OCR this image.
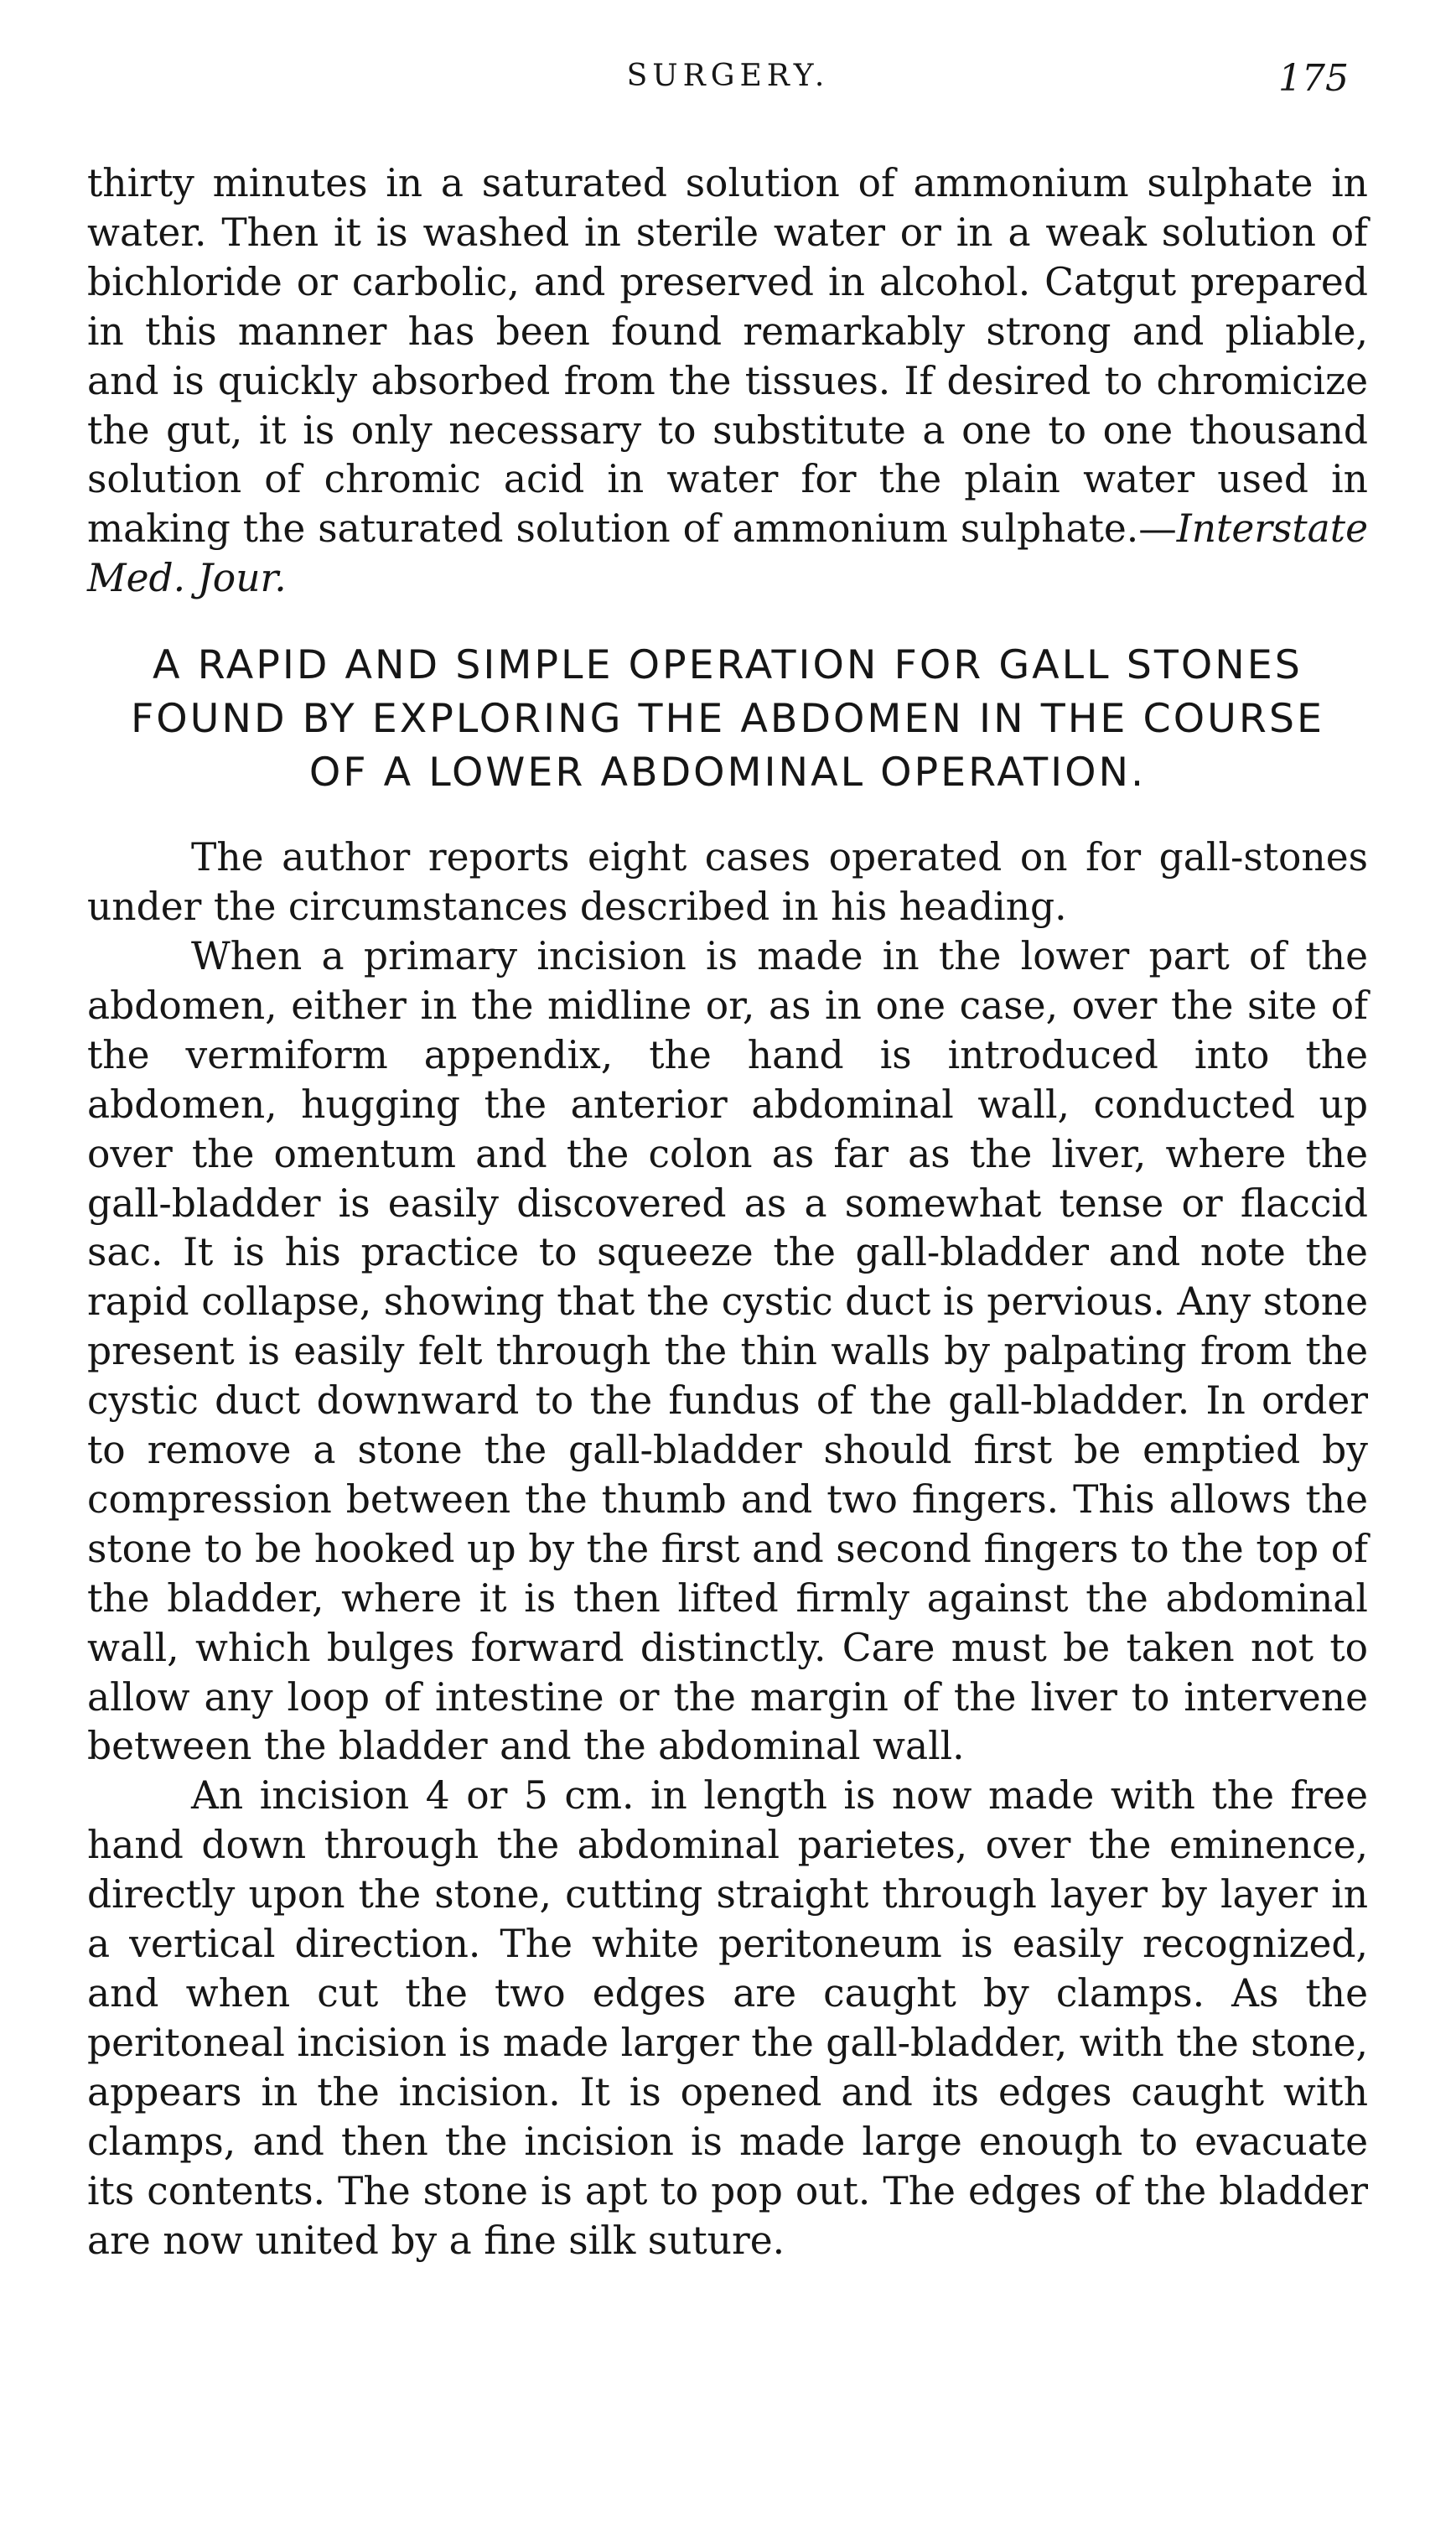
SURGERY.	175

thirty minutes in a saturated solution of ammonium sulphate in water. Then it is washed in sterile water or in a weak solution of bichloride or carbolic, and preserved in alcohol. Catgut prepared in this manner has been found remarkably strong and pliable, and is quickly absorbed from the tissues. If desired to chromicize the gut, it is only necessary to substitute a one to one thousand solution of chromic acid in water for the plain water used in making the saturated solution of ammonium sulphate.—Interstate Med. Jour.

A RAPID AND SIMPLE OPERATION FOR GALL STONES FOUND BY EXPLORING THE ABDOMEN IN THE COURSE OF A LOWER ABDOMINAL OPERATION.

The author reports eight cases operated on for gall-stones under the circumstances described in his heading.

When a primary incision is made in the lower part of the abdomen, either in the midline or, as in one case, over the site of the vermiform appendix, the hand is introduced into the abdomen, hugging the anterior abdominal wall, conducted up over the omentum and the colon as far as the liver, where the gall-bladder is easily discovered as a somewhat tense or flaccid sac. It is his practice to squeeze the gall-bladder and note the rapid collapse, showing that the cystic duct is pervious. Any stone present is easily felt through the thin walls by palpating from the cystic duct downward to the fundus of the gall-bladder. In order to remove a stone the gall-bladder should first be emptied by compression between the thumb and two fingers. This allows the stone to be hooked up by the first and second fingers to the top of the bladder, where it is then lifted firmly against the abdominal wall, which bulges forward distinctly. Care must be taken not to allow any loop of intestine or the margin of the liver to intervene between the bladder and the abdominal wall.

An incision 4 or 5 cm. in length is now made with the free hand down through the abdominal parietes, over the eminence, directly upon the stone, cutting straight through layer by layer in a vertical direction. The white peritoneum is easily recognized, and when cut the two edges are caught by clamps. As the peritoneal incision is made larger the gall-bladder, with the stone, appears in the incision. It is opened and its edges caught with clamps, and then the incision is made large enough to evacuate its contents. The stone is apt to pop out. The edges of the bladder are now united by a fine silk suture.
